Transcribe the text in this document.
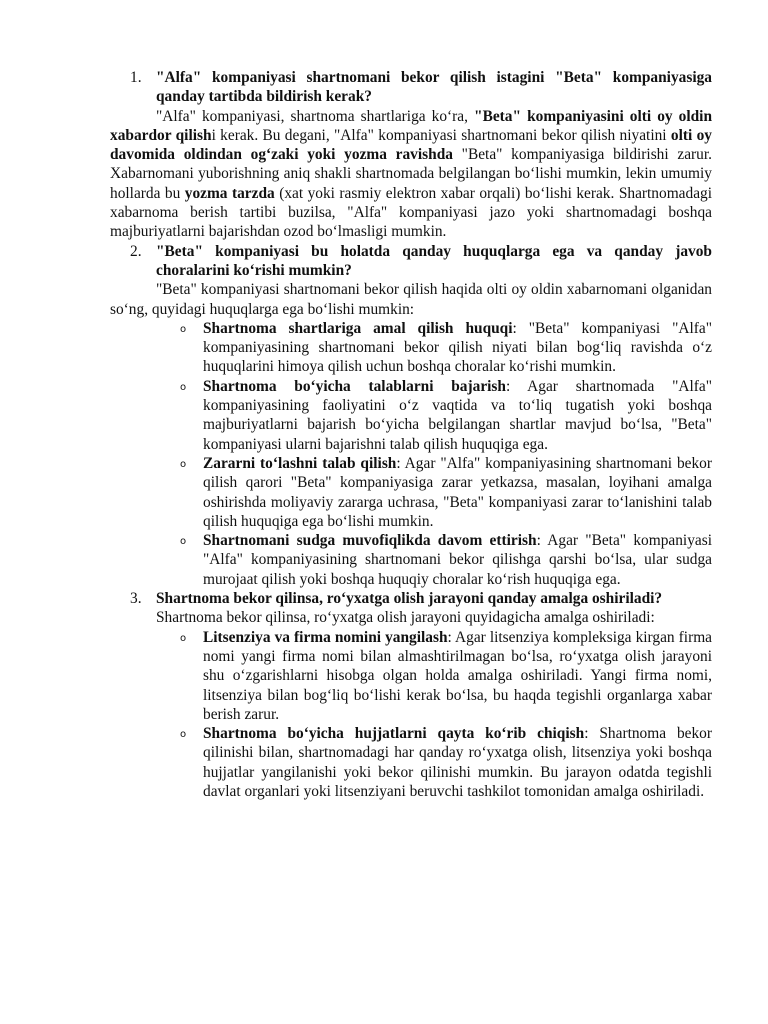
1. "Alfa" kompaniyasi shartnomani bekor qilish istagini "Beta" kompaniyasiga qanday tartibda bildirish kerak?
"Alfa" kompaniyasi, shartnoma shartlariga ko‘ra, "Beta" kompaniyasini olti oy oldin xabardor qilishi kerak. Bu degani, "Alfa" kompaniyasi shartnomani bekor qilish niyatini olti oy davomida oldindan og‘zaki yoki yozma ravishda "Beta" kompaniyasiga bildirishi zarur. Xabarnomani yuborishning aniq shakli shartnomada belgilangan bo‘lishi mumkin, lekin umumiy hollarda bu yozma tarzda (xat yoki rasmiy elektron xabar orqali) bo‘lishi kerak. Shartnomadagi xabarnoma berish tartibi buzilsa, "Alfa" kompaniyasi jazo yoki shartnomadagi boshqa majburiyatlarni bajarishdan ozod bo‘lmasligi mumkin.
2. "Beta" kompaniyasi bu holatda qanday huquqlarga ega va qanday javob choralarini ko‘rishi mumkin?
"Beta" kompaniyasi shartnomani bekor qilish haqida olti oy oldin xabarnomani olganidan so‘ng, quyidagi huquqlarga ega bo‘lishi mumkin:
o Shartnoma shartlariga amal qilish huquqi: "Beta" kompaniyasi "Alfa" kompaniyasining shartnomani bekor qilish niyati bilan bog‘liq ravishda o‘z huquqlarini himoya qilish uchun boshqa choralar ko‘rishi mumkin.
o Shartnoma bo‘yicha talablarni bajarish: Agar shartnomada "Alfa" kompaniyasining faoliyatini o‘z vaqtida va to‘liq tugatish yoki boshqa majburiyatlarni bajarish bo‘yicha belgilangan shartlar mavjud bo‘lsa, "Beta" kompaniyasi ularni bajarishni talab qilish huquqiga ega.
o Zararni to‘lashni talab qilish: Agar "Alfa" kompaniyasining shartnomani bekor qilish qarori "Beta" kompaniyasiga zarar yetkazsa, masalan, loyihani amalga oshirishda moliyaviy zararga uchrasa, "Beta" kompaniyasi zarar to‘lanishini talab qilish huquqiga ega bo‘lishi mumkin.
o Shartnomani sudga muvofiqlikda davom ettirish: Agar "Beta" kompaniyasi "Alfa" kompaniyasining shartnomani bekor qilishga qarshi bo‘lsa, ular sudga murojaat qilish yoki boshqa huquqiy choralar ko‘rish huquqiga ega.
3. Shartnoma bekor qilinsa, ro‘yxatga olish jarayoni qanday amalga oshiriladi?
Shartnoma bekor qilinsa, ro‘yxatga olish jarayoni quyidagicha amalga oshiriladi:
o Litsenziya va firma nomini yangilash: Agar litsenziya kompleksiga kirgan firma nomi yangi firma nomi bilan almashtirilmagan bo‘lsa, ro‘yxatga olish jarayoni shu o‘zgarishlarni hisobga olgan holda amalga oshiriladi. Yangi firma nomi, litsenziya bilan bog‘liq bo‘lishi kerak bo‘lsa, bu haqda tegishli organlarga xabar berish zarur.
o Shartnoma bo‘yicha hujjatlarni qayta ko‘rib chiqish: Shartnoma bekor qilinishi bilan, shartnomadagi har qanday ro‘yxatga olish, litsenziya yoki boshqa hujjatlar yangilanishi yoki bekor qilinishi mumkin. Bu jarayon odatda tegishli davlat organlari yoki litsenziyani beruvchi tashkilot tomonidan amalga oshiriladi.
